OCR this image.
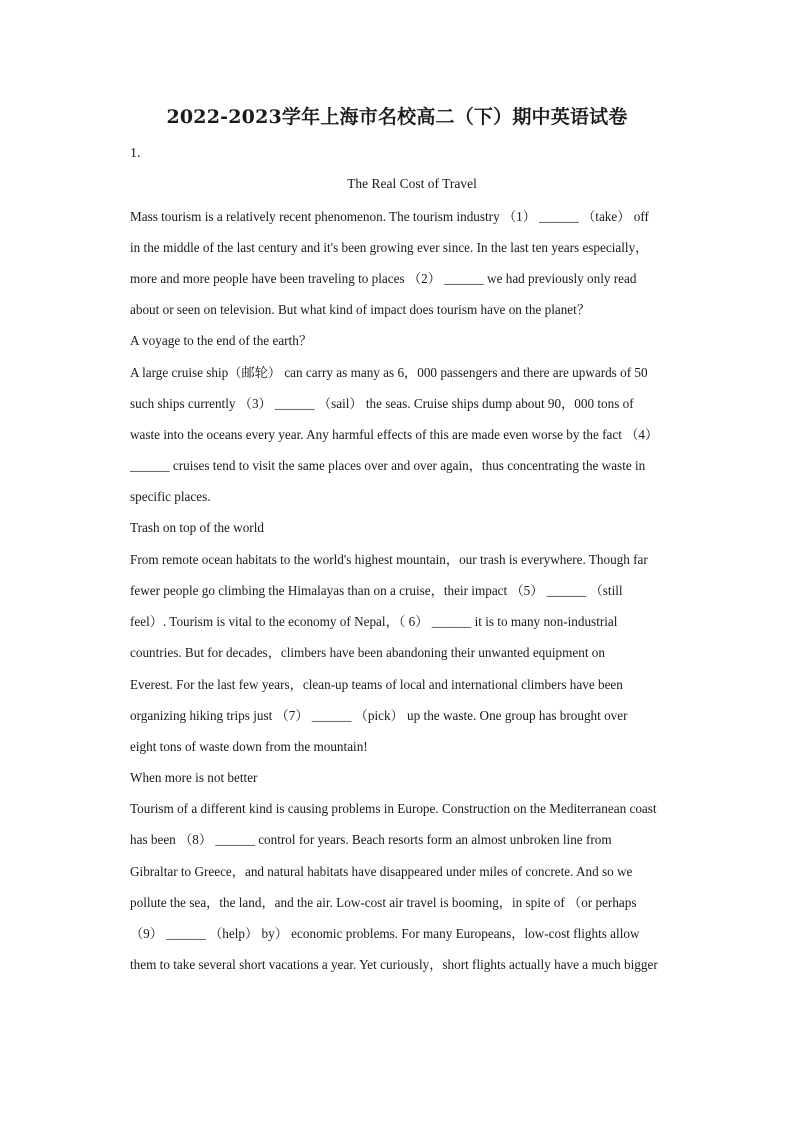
2022-2023学年上海市名校高二（下）期中英语试卷
1.
The Real Cost of Travel
Mass tourism is a relatively recent phenomenon. The tourism industry （1） ______ （take） off
in the middle of the last century and it's been growing ever since. In the last ten years especially，
more and more people have been traveling to places （2） ______ we had previously only read
about or seen on television. But what kind of impact does tourism have on the planet？
A voyage to the end of the earth？
A large cruise ship（邮轮） can carry as many as 6，000 passengers and there are upwards of 50
such ships currently （3） ______ （sail） the seas. Cruise ships dump about 90，000 tons of
waste into the oceans every year. Any harmful effects of this are made even worse by the fact （4）
______ cruises tend to visit the same places over and over again，thus concentrating the waste in
specific places.
Trash on top of the world
From remote ocean habitats to the world's highest mountain，our trash is everywhere. Though far
fewer people go climbing the Himalayas than on a cruise，their impact （5） ______ （still
feel）. Tourism is vital to the economy of Nepal，（ 6） ______ it is to many non-industrial
countries. But for decades，climbers have been abandoning their unwanted equipment on
Everest. For the last few years，clean-up teams of local and international climbers have been
organizing hiking trips just （7） ______ （pick） up the waste. One group has brought over
eight tons of waste down from the mountain!
When more is not better
Tourism of a different kind is causing problems in Europe. Construction on the Mediterranean coast
has been （8） ______ control for years. Beach resorts form an almost unbroken line from
Gibraltar to Greece，and natural habitats have disappeared under miles of concrete. And so we
pollute the sea，the land，and the air. Low-cost air travel is booming，in spite of （or perhaps
（9） ______ （help） by） economic problems. For many Europeans，low-cost flights allow
them to take several short vacations a year. Yet curiously，short flights actually have a much bigger
